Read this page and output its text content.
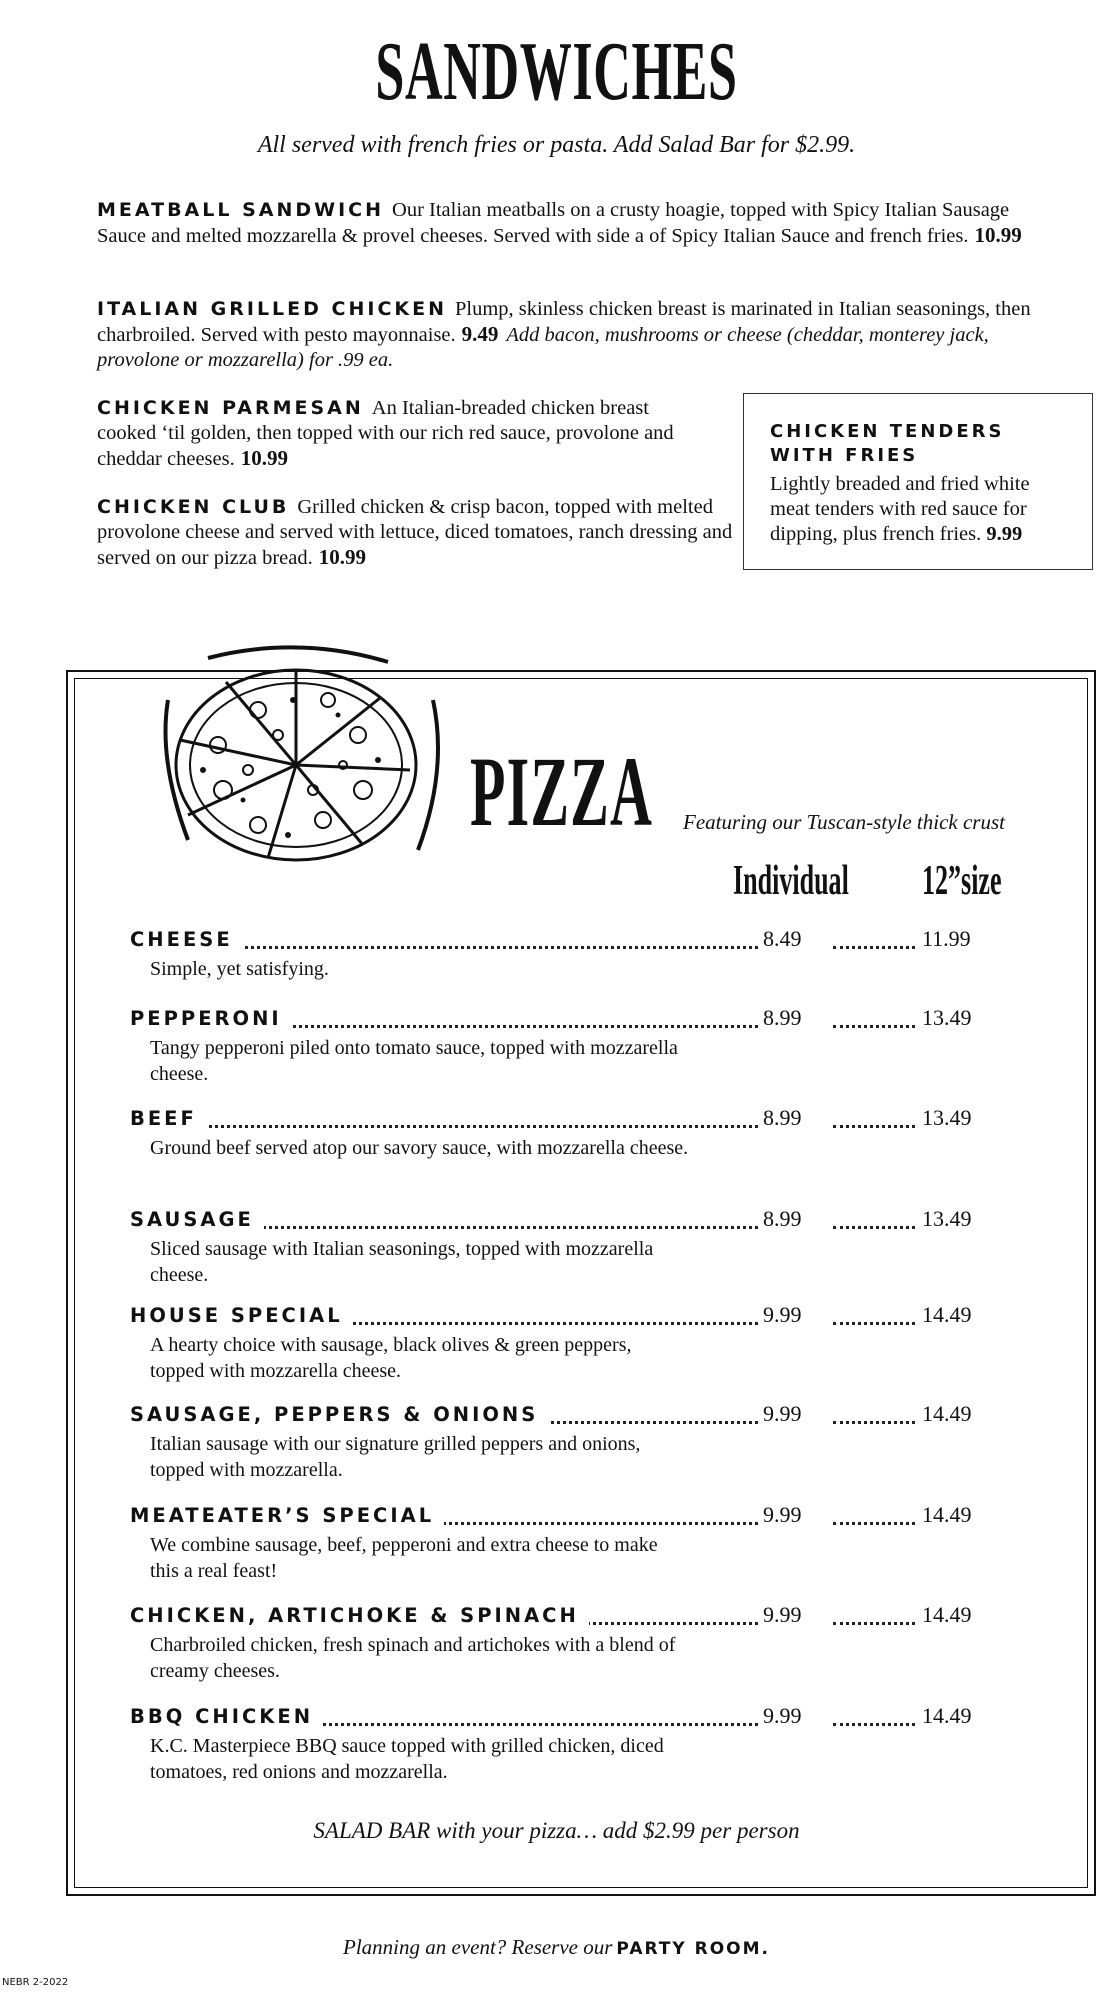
SANDWICHES
All served with french fries or pasta. Add Salad Bar for $2.99.
MEATBALL SANDWICH Our Italian meatballs on a crusty hoagie, topped with Spicy Italian Sausage Sauce and melted mozzarella & provel cheeses. Served with side a of Spicy Italian Sauce and french fries. 10.99
ITALIAN GRILLED CHICKEN Plump, skinless chicken breast is marinated in Italian seasonings, then charbroiled. Served with pesto mayonnaise. 9.49 Add bacon, mushrooms or cheese (cheddar, monterey jack, provolone or mozzarella) for .99 ea.
CHICKEN PARMESAN An Italian-breaded chicken breast cooked ‘til golden, then topped with our rich red sauce, provolone and cheddar cheeses. 10.99
CHICKEN CLUB Grilled chicken & crisp bacon, topped with melted provolone cheese and served with lettuce, diced tomatoes, ranch dressing and served on our pizza bread. 10.99
CHICKEN TENDERS
WITH FRIES
Lightly breaded and fried white meat tenders with red sauce for dipping, plus french fries. 9.99
PIZZA Featuring our Tuscan-style thick crust
Individual 12”size
CHEESE	8.49	11.99
Simple, yet satisfying.
PEPPERONI	8.99	13.49
Tangy pepperoni piled onto tomato sauce, topped with mozzarella cheese.
BEEF	8.99	13.49
Ground beef served atop our savory sauce, with mozzarella cheese.
SAUSAGE	8.99	13.49
Sliced sausage with Italian seasonings, topped with mozzarella cheese.
HOUSE SPECIAL	9.99	14.49
A hearty choice with sausage, black olives & green peppers, topped with mozzarella cheese.
SAUSAGE, PEPPERS & ONIONS	9.99	14.49
Italian sausage with our signature grilled peppers and onions, topped with mozzarella.
MEATEATER’S SPECIAL	9.99	14.49
We combine sausage, beef, pepperoni and extra cheese to make this a real feast!
CHICKEN, ARTICHOKE & SPINACH	9.99	14.49
Charbroiled chicken, fresh spinach and artichokes with a blend of creamy cheeses.
BBQ CHICKEN	9.99	14.49
K.C. Masterpiece BBQ sauce topped with grilled chicken, diced tomatoes, red onions and mozzarella.
SALAD BAR with your pizza… add $2.99 per person
Planning an event? Reserve our PARTY ROOM.
NEBR 2-2022
